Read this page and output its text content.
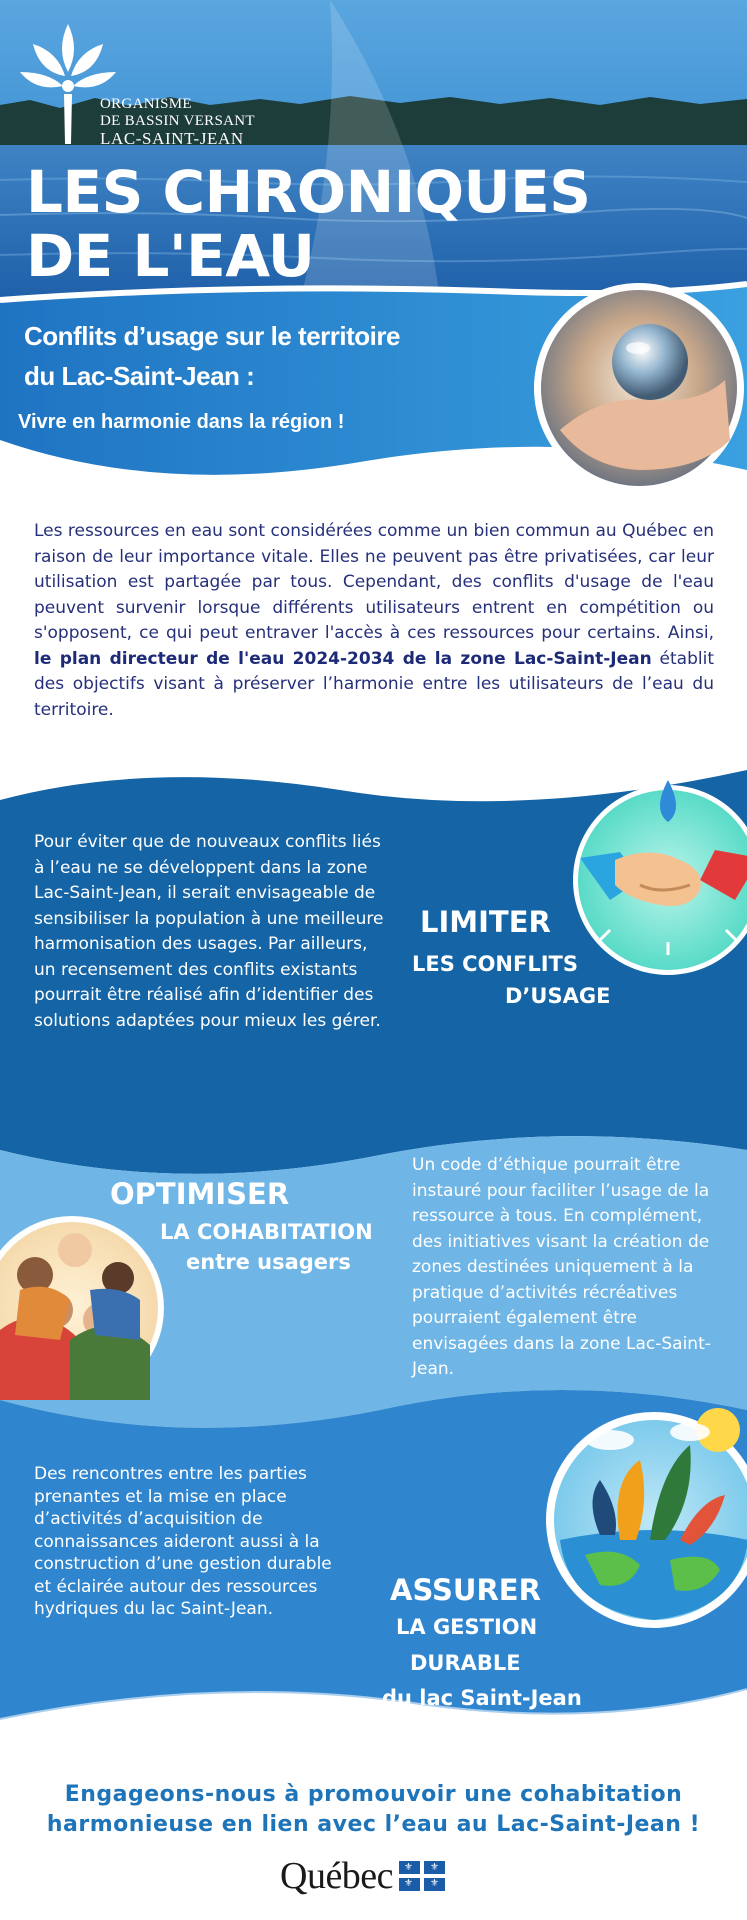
ORGANISME
DE BASSIN VERSANT
LAC-SAINT-JEAN
LES CHRONIQUES
DE L'EAU
Conflits d’usage sur le territoire
du Lac-Saint-Jean :
Vivre en harmonie dans la région !
Les ressources en eau sont considérées comme un bien commun au Québec en raison de leur importance vitale. Elles ne peuvent pas être privatisées, car leur utilisation est partagée par tous. Cependant, des conflits d'usage de l'eau peuvent survenir lorsque différents utilisateurs entrent en compétition ou s'opposent, ce qui peut entraver l'accès à ces ressources pour certains. Ainsi, le plan directeur de l'eau 2024-2034 de la zone Lac-Saint-Jean établit des objectifs visant à préserver l’harmonie entre les utilisateurs de l’eau du territoire.
Pour éviter que de nouveaux conflits liés à l’eau ne se développent dans la zone Lac-Saint-Jean, il serait envisageable de sensibiliser la population à une meilleure harmonisation des usages. Par ailleurs, un recensement des conflits existants pourrait être réalisé afin d’identifier des solutions adaptées pour mieux les gérer.
LIMITER
LES CONFLITS
D’USAGE
OPTIMISER
LA COHABITATION
entre usagers
Un code d’éthique pourrait être instauré pour faciliter l’usage de la ressource à tous. En complément, des initiatives visant la création de zones destinées uniquement à la pratique d’activités récréatives pourraient également être envisagées dans la zone Lac-Saint-Jean.
Des rencontres entre les parties prenantes et la mise en place d’activités d’acquisition de connaissances aideront aussi à la construction d’une gestion durable et éclairée autour des ressources hydriques du lac Saint-Jean.
ASSURER
LA GESTION
DURABLE
du lac Saint-Jean
Engageons-nous à promouvoir une cohabitation
harmonieuse en lien avec l’eau au Lac-Saint-Jean !
Québec ⚜ ⚜
⚜ ⚜
